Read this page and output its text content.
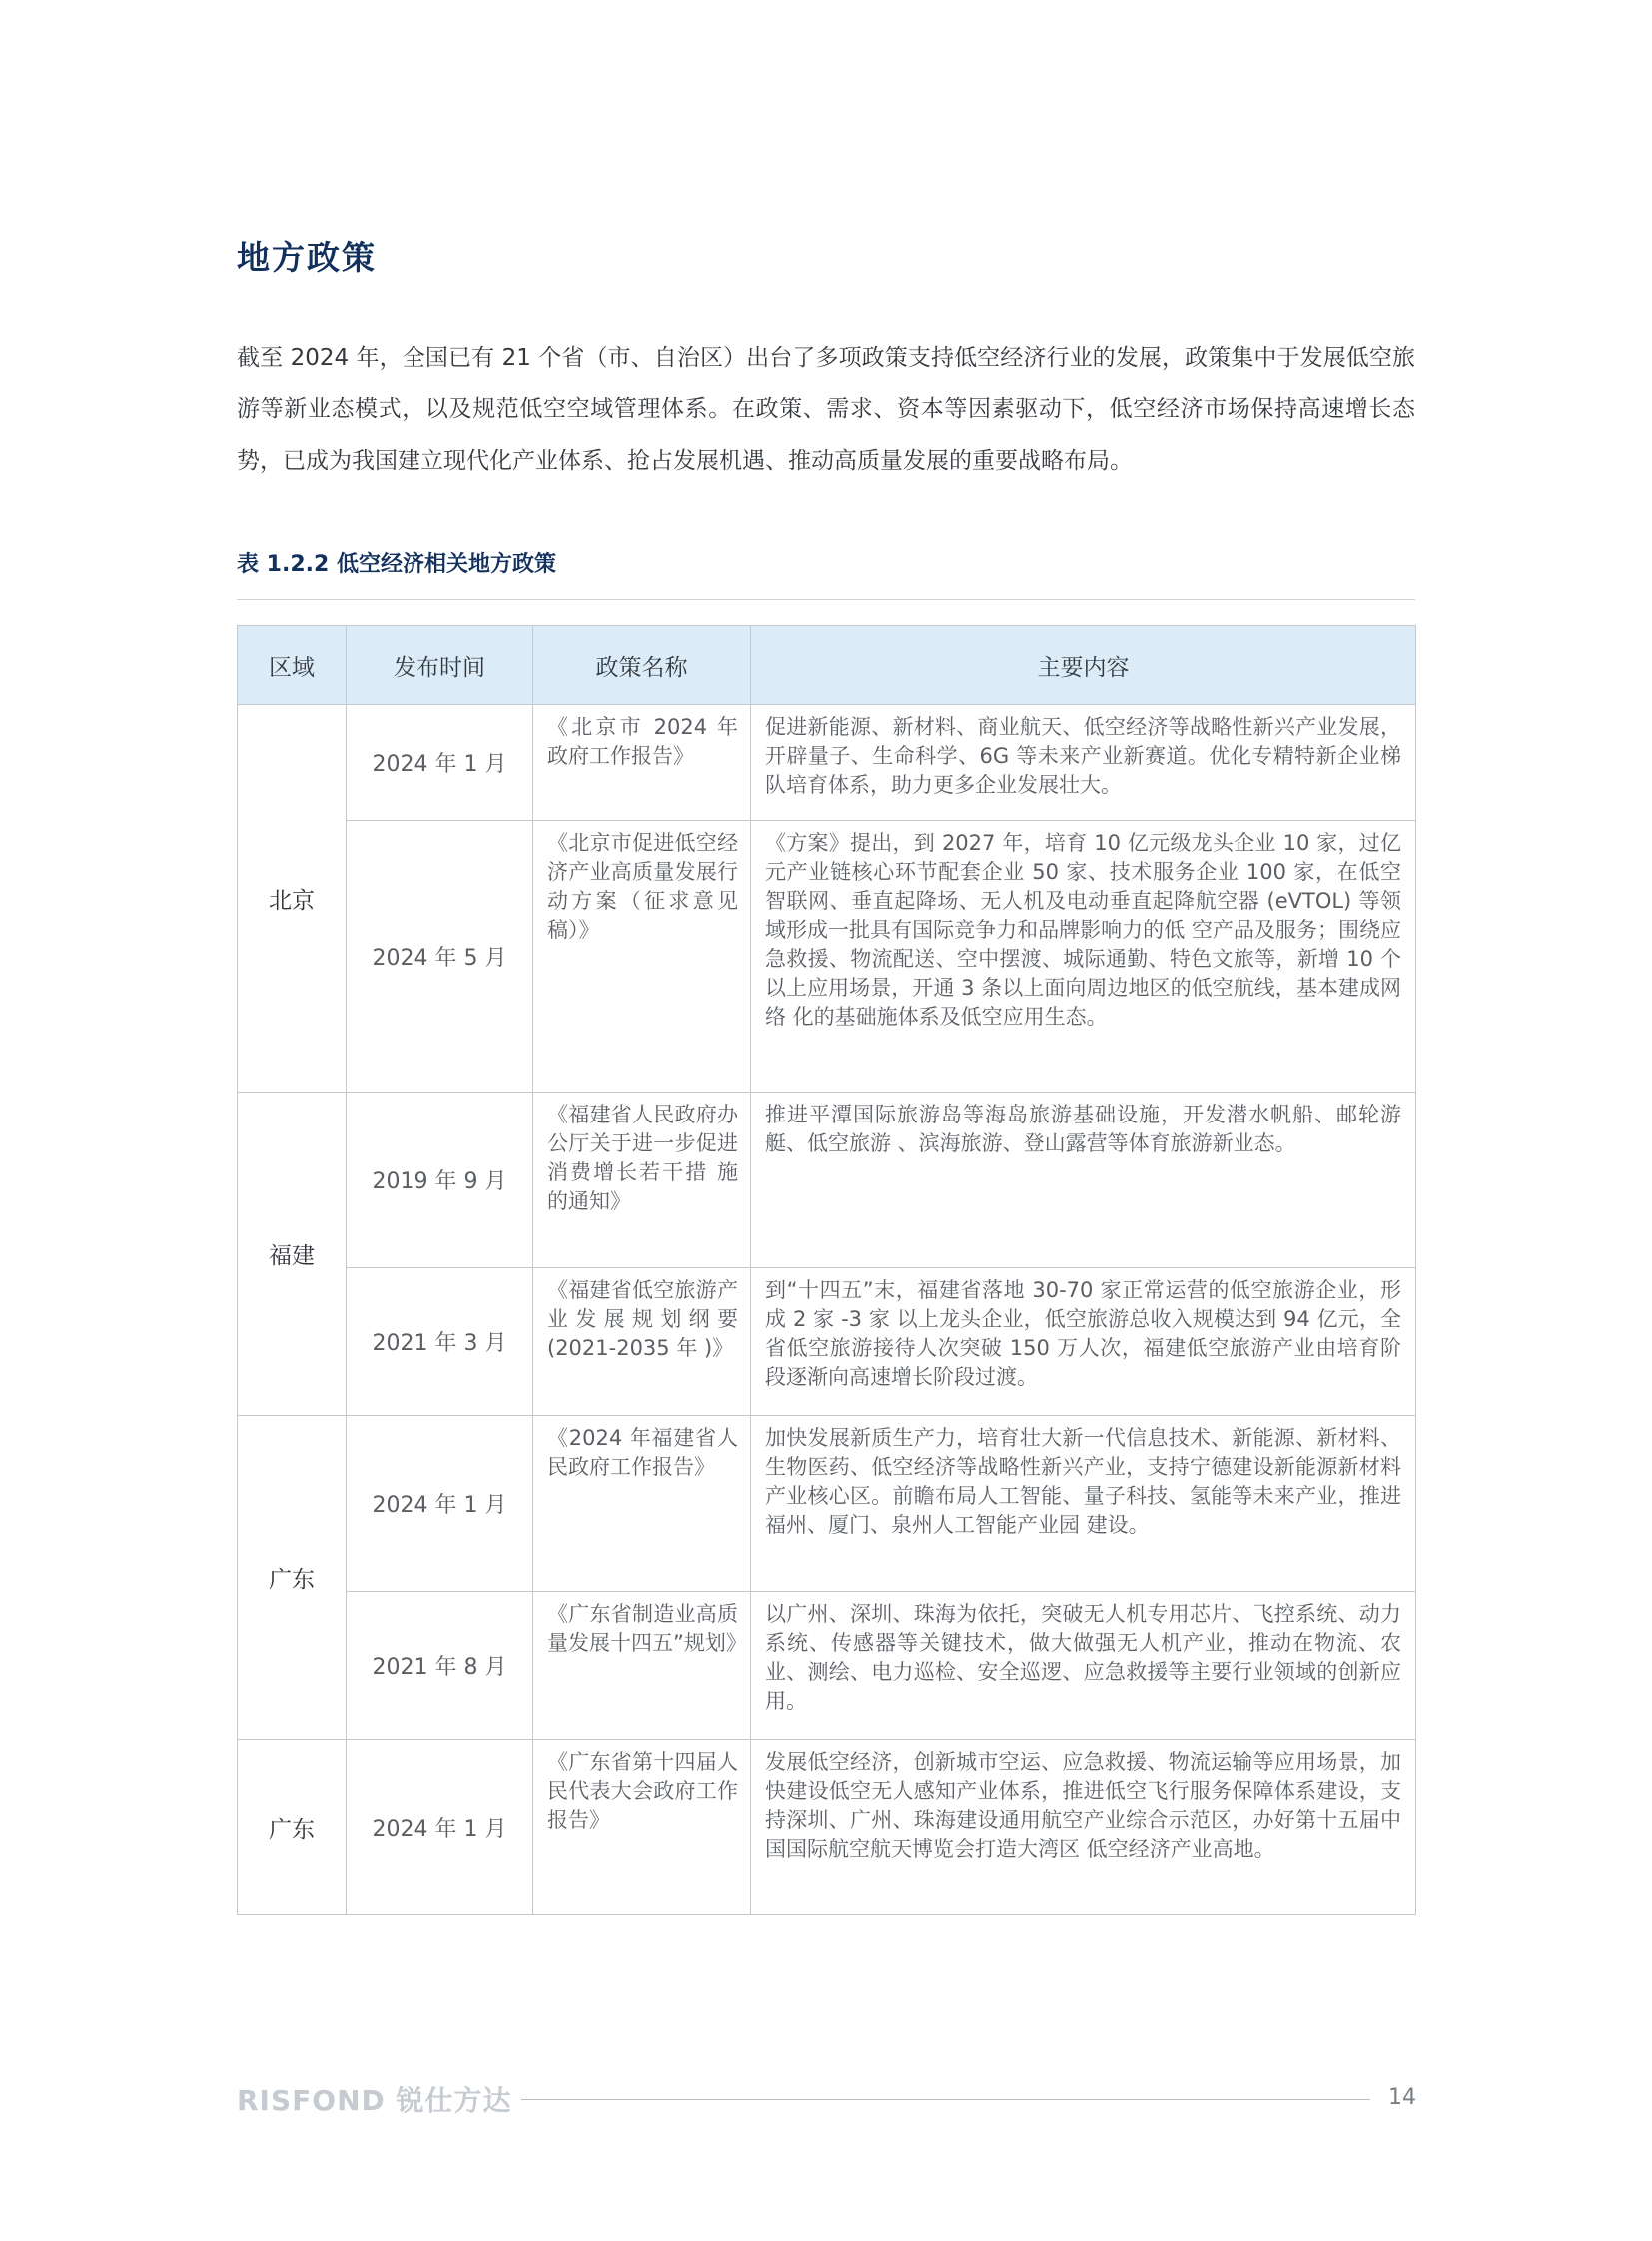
地方政策

截至 2024 年，全国已有 21 个省（市、自治区）出台了多项政策支持低空经济行业的发展，政策集中于发展低空旅游等新业态模式，以及规范低空空域管理体系。在政策、需求、资本等因素驱动下，低空经济市场保持高速增长态势，已成为我国建立现代化产业体系、抢占发展机遇、推动高质量发展的重要战略布局。

表 1.2.2 低空经济相关地方政策
区域	发布时间	政策名称	主要内容
北京	2024 年 1 月	《北京市 2024 年政府工作报告》	促进新能源、新材料、商业航天、低空经济等战略性新兴产业发展，开辟量子、生命科学、6G 等未来产业新赛道。优化专精特新企业梯队培育体系，助力更多企业发展壮大。
	2024 年 5 月	《北京市促进低空经济产业高质量发展行动方案（征求意见稿）》	《方案》提出，到 2027 年，培育 10 亿元级龙头企业 10 家，过亿元产业链核心环节配套企业 50 家、技术服务企业 100 家，在低空智联网、垂直起降场、无人机及电动垂直起降航空器 (eVTOL) 等领域形成一批具有国际竞争力和品牌影响力的低 空产品及服务；围绕应急救援、物流配送、空中摆渡、城际通勤、特色文旅等，新增 10 个以上应用场景，开通 3 条以上面向周边地区的低空航线，基本建成网络 化的基础施体系及低空应用生态。
福建	2019 年 9 月	《福建省人民政府办公厅关于进一步促进消费增长若干措 施的通知》	推进平潭国际旅游岛等海岛旅游基础设施，开发潜水帆船、邮轮游艇、低空旅游 、滨海旅游、登山露营等体育旅游新业态。
	2021 年 3 月	《福建省低空旅游产业发展规划纲要 (2021-2035 年 )》	到“十四五”末，福建省落地 30-70 家正常运营的低空旅游企业，形成 2 家 -3 家 以上龙头企业，低空旅游总收入规模达到 94 亿元，全省低空旅游接待人次突破 150 万人次，福建低空旅游产业由培育阶段逐渐向高速增长阶段过渡。
广东	2024 年 1 月	《2024 年福建省人民政府工作报告》	加快发展新质生产力，培育壮大新一代信息技术、新能源、新材料、生物医药、低空经济等战略性新兴产业，支持宁德建设新能源新材料产业核心区。前瞻布局人工智能、量子科技、氢能等未来产业，推进福州、厦门、泉州人工智能产业园 建设。
	2021 年 8 月	《广东省制造业高质量发展十四五”规划》	以广州、深圳、珠海为依托，突破无人机专用芯片、飞控系统、动力系统、传感器等关键技术，做大做强无人机产业，推动在物流、农业、测绘、电力巡检、安全巡逻、应急救援等主要行业领域的创新应用。
广东	2024 年 1 月	《广东省第十四届人民代表大会政府工作报告》	发展低空经济，创新城市空运、应急救援、物流运输等应用场景，加快建设低空无人感知产业体系，推进低空飞行服务保障体系建设，支持深圳、广州、珠海建设通用航空产业综合示范区，办好第十五届中国国际航空航天博览会打造大湾区 低空经济产业高地。
RISFOND 锐仕方达	14
